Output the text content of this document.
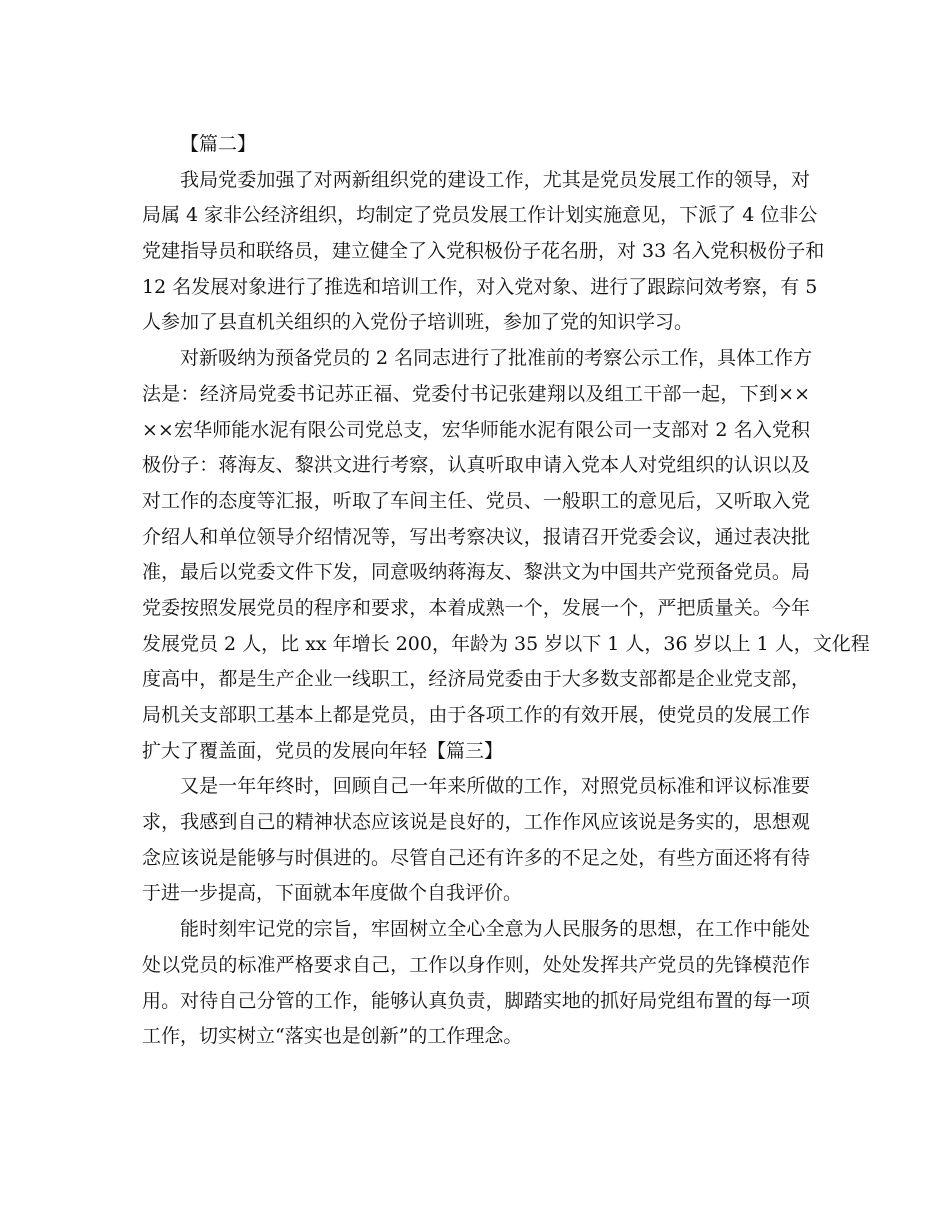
【篇二】
我局党委加强了对两新组织党的建设工作，尤其是党员发展工作的领导，对
局属 4 家非公经济组织，均制定了党员发展工作计划实施意见，下派了 4 位非公
党建指导员和联络员，建立健全了入党积极份子花名册，对 33 名入党积极份子和
12 名发展对象进行了推选和培训工作，对入党对象、进行了跟踪问效考察，有 5
人参加了县直机关组织的入党份子培训班，参加了党的知识学习。
对新吸纳为预备党员的 2 名同志进行了批准前的考察公示工作，具体工作方
法是：经济局党委书记苏正福、党委付书记张建翔以及组工干部一起，下到××
××宏华师能水泥有限公司党总支，宏华师能水泥有限公司一支部对 2 名入党积
极份子：蒋海友、黎洪文进行考察，认真听取申请入党本人对党组织的认识以及
对工作的态度等汇报，听取了车间主任、党员、一般职工的意见后，又听取入党
介绍人和单位领导介绍情况等，写出考察决议，报请召开党委会议，通过表决批
准，最后以党委文件下发，同意吸纳蒋海友、黎洪文为中国共产党预备党员。局
党委按照发展党员的程序和要求，本着成熟一个，发展一个，严把质量关。今年
发展党员 2 人，比 xx 年增长 200，年龄为 35 岁以下 1 人，36 岁以上 1 人，文化程
度高中，都是生产企业一线职工，经济局党委由于大多数支部都是企业党支部，
局机关支部职工基本上都是党员，由于各项工作的有效开展，使党员的发展工作
扩大了覆盖面，党员的发展向年轻【篇三】
又是一年年终时，回顾自己一年来所做的工作，对照党员标准和评议标准要
求，我感到自己的精神状态应该说是良好的，工作作风应该说是务实的，思想观
念应该说是能够与时俱进的。尽管自己还有许多的不足之处，有些方面还将有待
于进一步提高，下面就本年度做个自我评价。
能时刻牢记党的宗旨，牢固树立全心全意为人民服务的思想，在工作中能处
处以党员的标准严格要求自己，工作以身作则，处处发挥共产党员的先锋模范作
用。对待自己分管的工作，能够认真负责，脚踏实地的抓好局党组布置的每一项
工作，切实树立“落实也是创新”的工作理念。
